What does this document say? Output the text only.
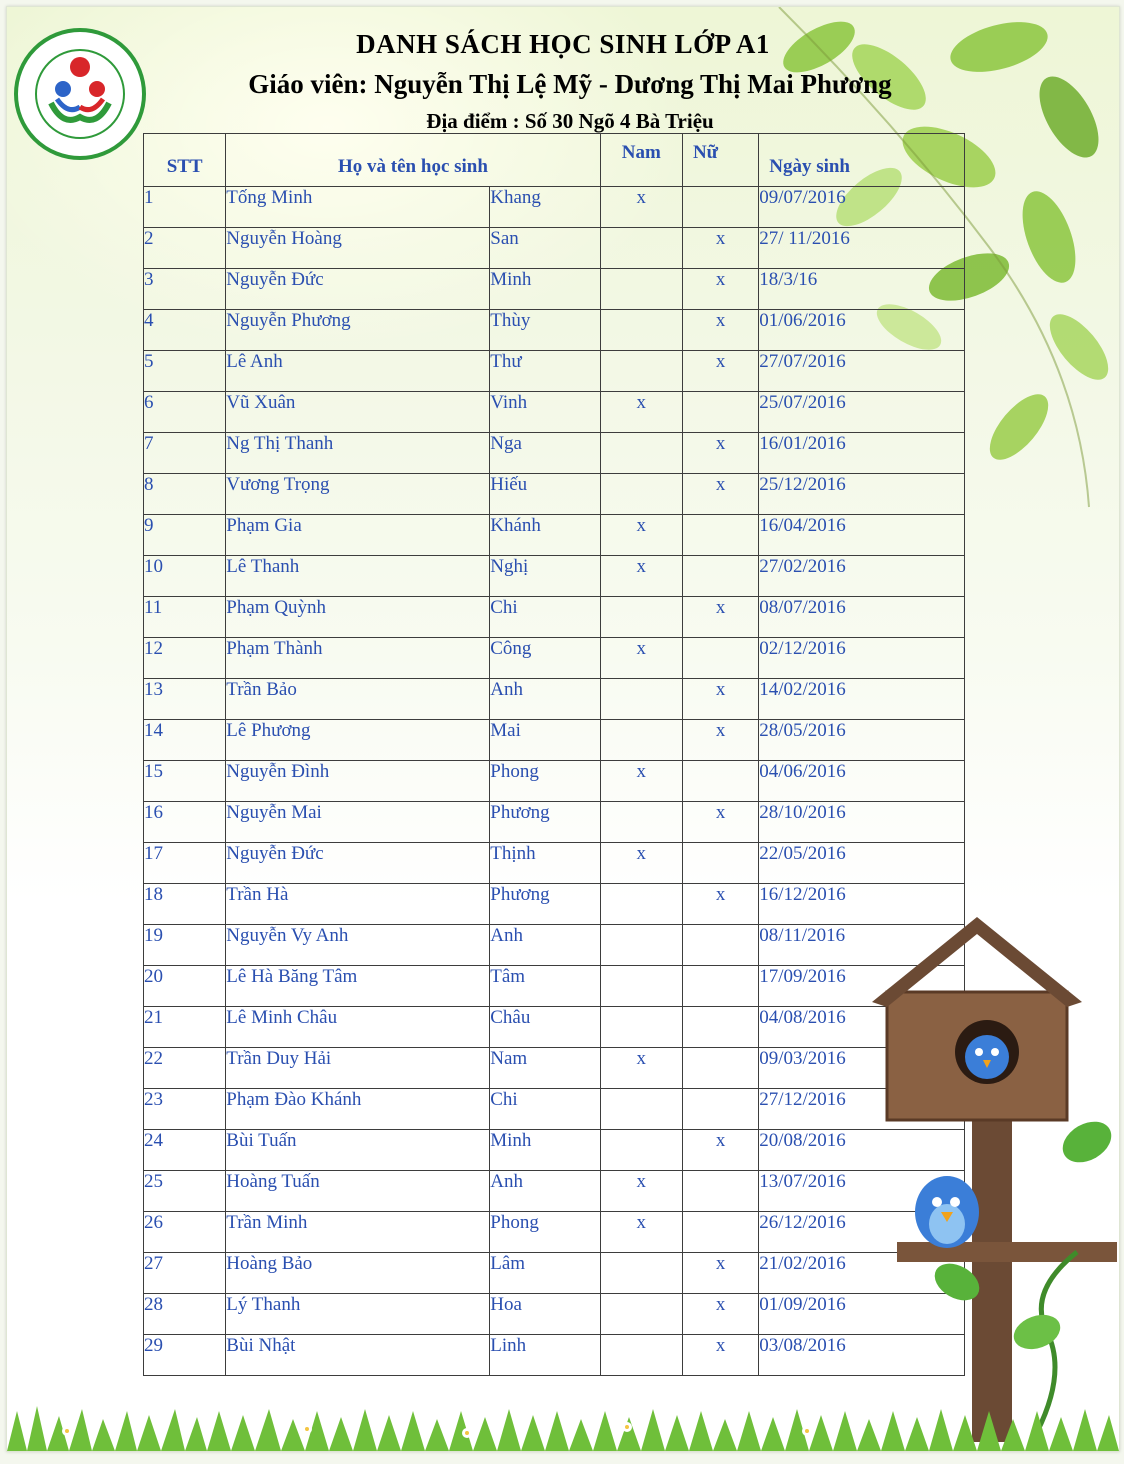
DANH SÁCH HỌC SINH LỚP A1
Giáo viên: Nguyễn Thị Lệ Mỹ - Dương Thị Mai Phương
Địa điểm : Số 30 Ngõ 4 Bà Triệu
STT	Họ và tên học sinh		Nam	Nữ	Ngày sinh

1	Tống Minh	Khang	x		09/07/2016
2	Nguyễn Hoàng	San		x	27/ 11/2016
3	Nguyễn Đức	Minh		x	18/3/16
4	Nguyễn Phương	Thùy		x	01/06/2016
5	Lê Anh	Thư		x	27/07/2016
6	Vũ Xuân	Vinh	x		25/07/2016
7	Ng Thị Thanh	Nga		x	16/01/2016
8	Vương Trọng	Hiếu		x	25/12/2016
9	Phạm Gia	Khánh	x		16/04/2016
10	Lê Thanh	Nghị	x		27/02/2016
11	Phạm Quỳnh	Chi		x	08/07/2016
12	Phạm Thành	Công	x		02/12/2016
13	Trần Bảo	Anh		x	14/02/2016
14	Lê Phương	Mai		x	28/05/2016
15	Nguyễn Đình	Phong	x		04/06/2016
16	Nguyễn Mai	Phương		x	28/10/2016
17	Nguyễn Đức	Thịnh	x		22/05/2016
18	Trần Hà	Phương		x	16/12/2016
19	Nguyễn Vy Anh	Anh			08/11/2016
20	Lê Hà Băng Tâm	Tâm			17/09/2016
21	Lê Minh Châu	Châu			04/08/2016
22	Trần Duy Hải	Nam	x		09/03/2016
23	Phạm Đào Khánh	Chi			27/12/2016
24	Bùi Tuấn	Minh		x	20/08/2016
25	Hoàng Tuấn	Anh	x		13/07/2016
26	Trần Minh	Phong	x		26/12/2016
27	Hoàng Bảo	Lâm		x	21/02/2016
28	Lý Thanh	Hoa		x	01/09/2016
29	Bùi Nhật	Linh		x	03/08/2016
